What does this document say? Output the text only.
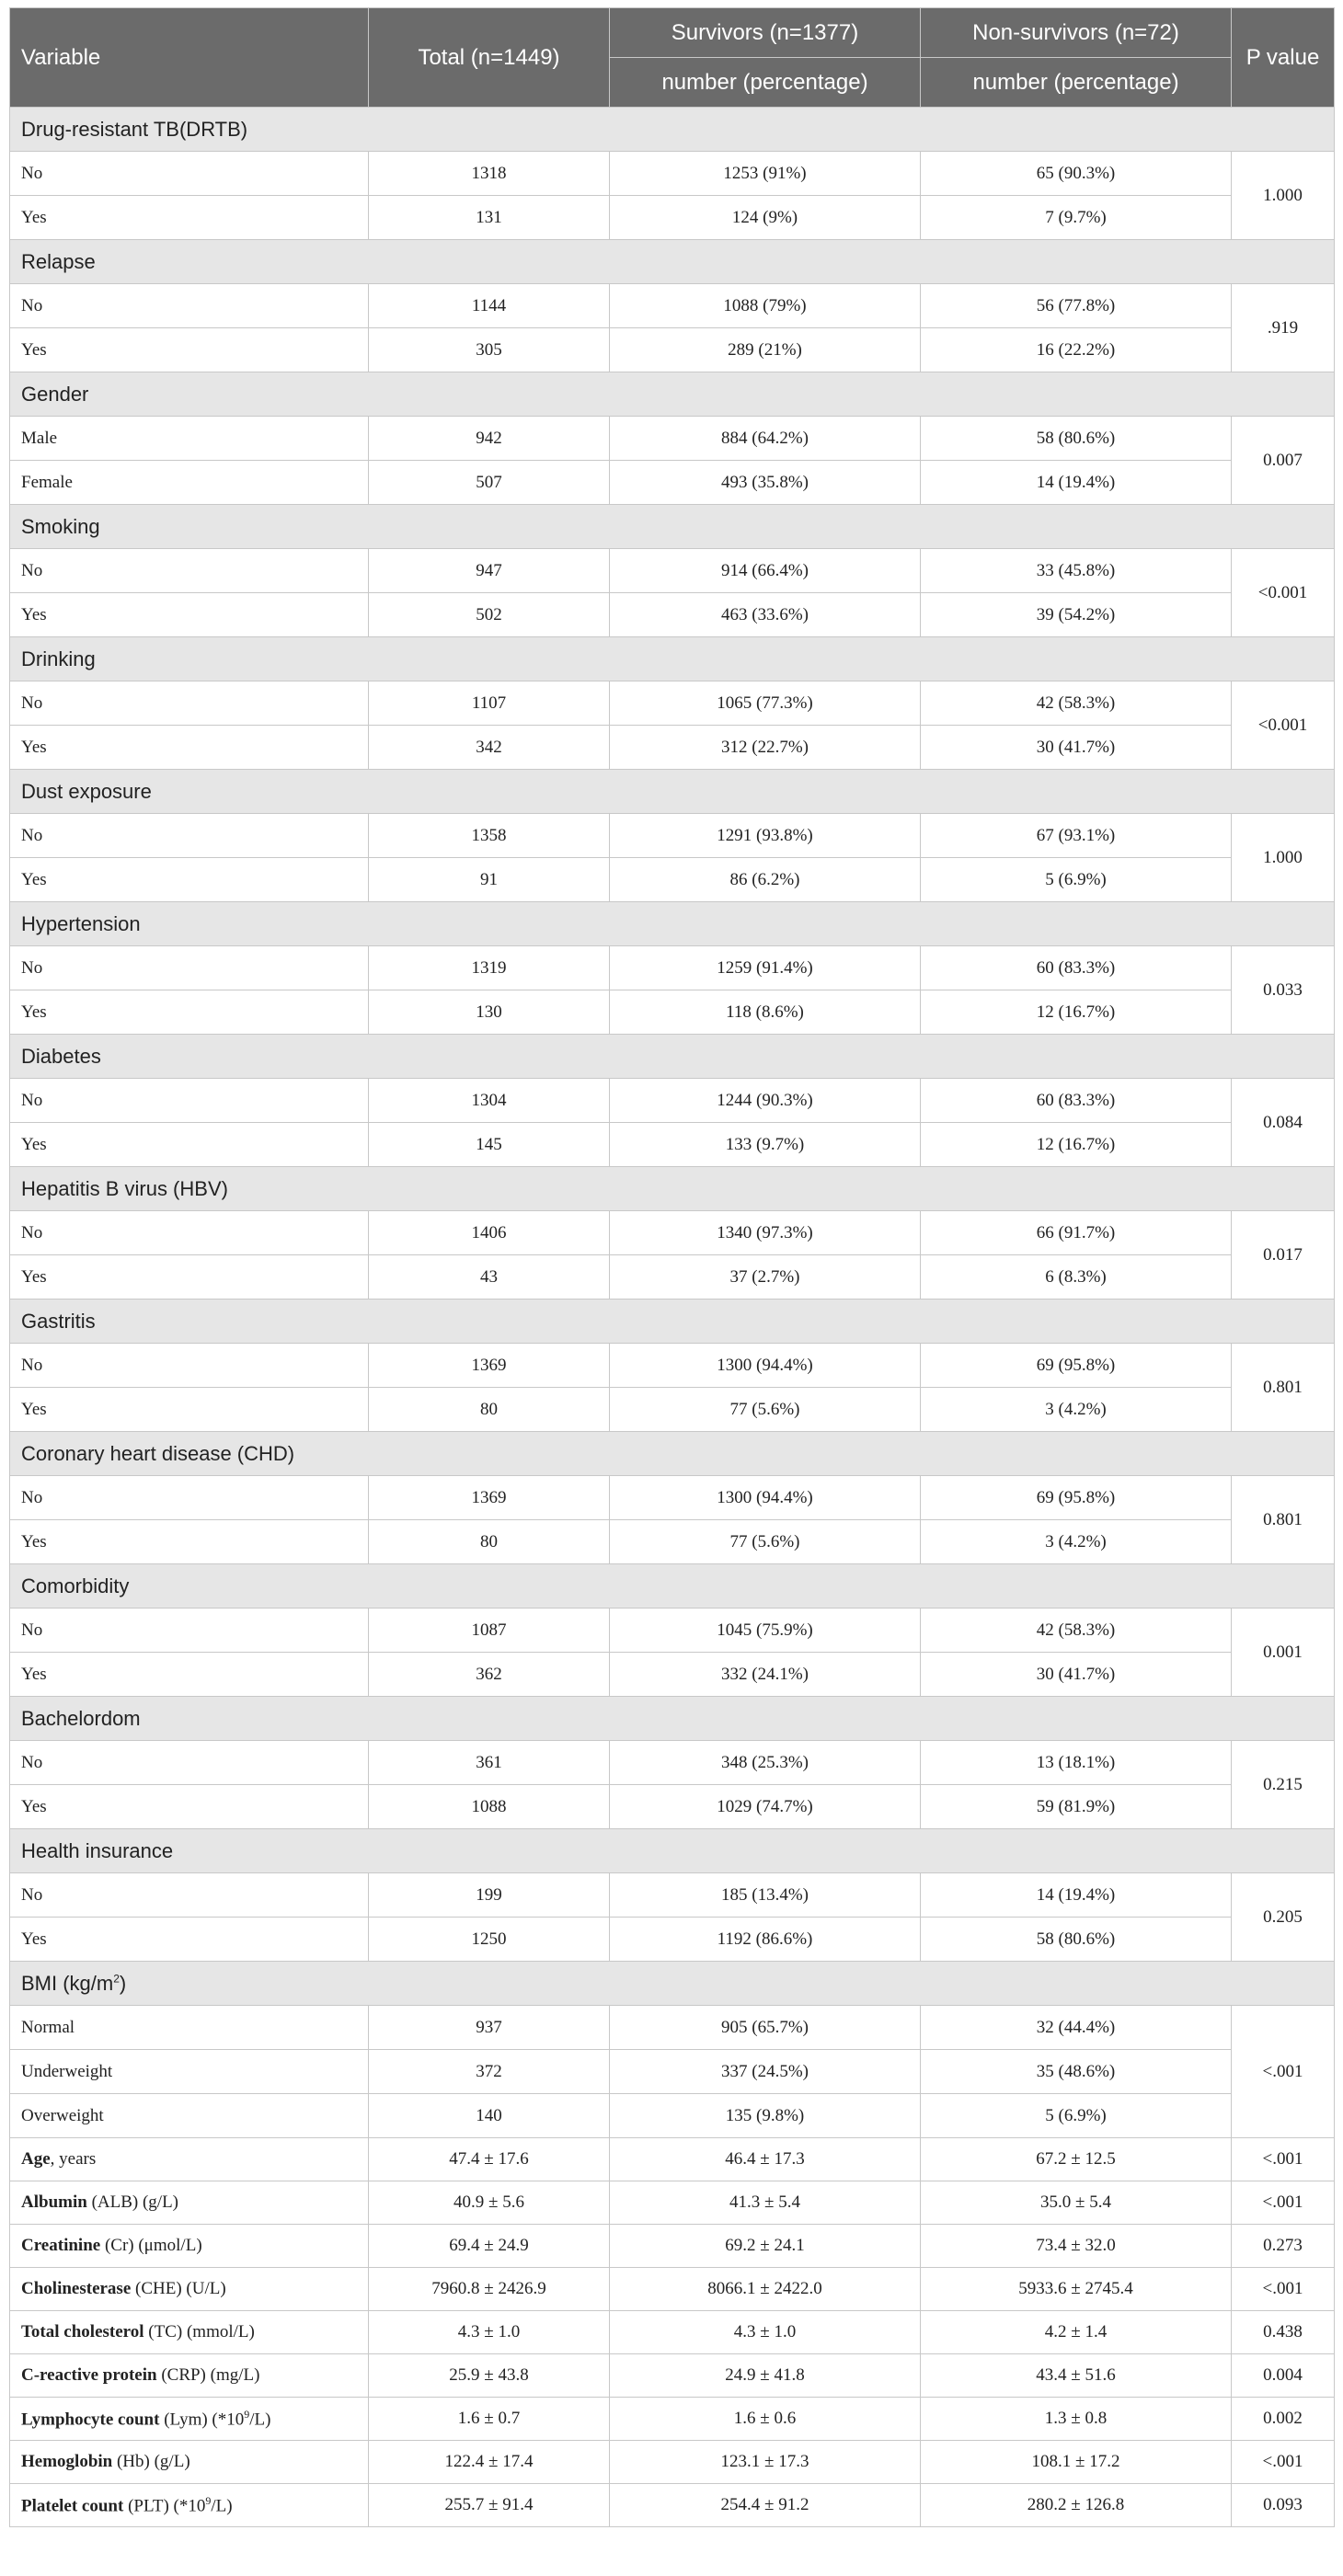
Variable	Total (n=1449)	Survivors (n=1377)	Non-survivors (n=72)	P value
		number (percentage)	number (percentage)	
Drug-resistant TB(DRTB)				
No	1318	1253 (91%)	65 (90.3%)	1.000
Yes	131	124 (9%)	7 (9.7%)	
Relapse				
No	1144	1088 (79%)	56 (77.8%)	.919
Yes	305	289 (21%)	16 (22.2%)	
Gender				
Male	942	884 (64.2%)	58 (80.6%)	0.007
Female	507	493 (35.8%)	14 (19.4%)	
Smoking				
No	947	914 (66.4%)	33 (45.8%)	<0.001
Yes	502	463 (33.6%)	39 (54.2%)	
Drinking				
No	1107	1065 (77.3%)	42 (58.3%)	<0.001
Yes	342	312 (22.7%)	30 (41.7%)	
Dust exposure				
No	1358	1291 (93.8%)	67 (93.1%)	1.000
Yes	91	86 (6.2%)	5 (6.9%)	
Hypertension				
No	1319	1259 (91.4%)	60 (83.3%)	0.033
Yes	130	118 (8.6%)	12 (16.7%)	
Diabetes				
No	1304	1244 (90.3%)	60 (83.3%)	0.084
Yes	145	133 (9.7%)	12 (16.7%)	
Hepatitis B virus (HBV)				
No	1406	1340 (97.3%)	66 (91.7%)	0.017
Yes	43	37 (2.7%)	6 (8.3%)	
Gastritis				
No	1369	1300 (94.4%)	69 (95.8%)	0.801
Yes	80	77 (5.6%)	3 (4.2%)	
Coronary heart disease (CHD)				
No	1369	1300 (94.4%)	69 (95.8%)	0.801
Yes	80	77 (5.6%)	3 (4.2%)	
Comorbidity				
No	1087	1045 (75.9%)	42 (58.3%)	0.001
Yes	362	332 (24.1%)	30 (41.7%)	
Bachelordom				
No	361	348 (25.3%)	13 (18.1%)	0.215
Yes	1088	1029 (74.7%)	59 (81.9%)	
Health insurance				
No	199	185 (13.4%)	14 (19.4%)	0.205
Yes	1250	1192 (86.6%)	58 (80.6%)	
BMI $(kg/m^2)$				
Normal	937	905 (65.7%)	32 (44.4%)	<.001
Underweight	372	337 (24.5%)	35 (48.6%)	
Overweight	140	135 (9.8%)	5 (6.9%)	
Age, years	47.4 ± 17.6	46.4 ± 17.3	67.2 ± 12.5	<.001
Albumin (ALB) (g/L)	40.9 ± 5.6	41.3 ± 5.4	35.0 ± 5.4	<.001
Creatinine (Cr) (μmol/L)	69.4 ± 24.9	69.2 ± 24.1	73.4 ± 32.0	0.273
Cholinesterase (CHE) (U/L)	7960.8 ± 2426.9	8066.1 ± 2422.0	5933.6 ± 2745.4	<.001
Total cholesterol (TC) (mmol/L)	4.3 ± 1.0	4.3 ± 1.0	4.2 ± 1.4	0.438
C-reactive protein (CRP) (mg/L)	25.9 ± 43.8	24.9 ± 41.8	43.4 ± 51.6	0.004
Lymphocyte count (Lym) $(*10^9/L)$	1.6 ± 0.7	1.6 ± 0.6	1.3 ± 0.8	0.002
Hemoglobin (Hb) (g/L)	122.4 ± 17.4	123.1 ± 17.3	108.1 ± 17.2	<.001
Platelet count (PLT) $(*10^9/L)$	255.7 ± 91.4	254.4 ± 91.2	280.2 ± 126.8	0.093
